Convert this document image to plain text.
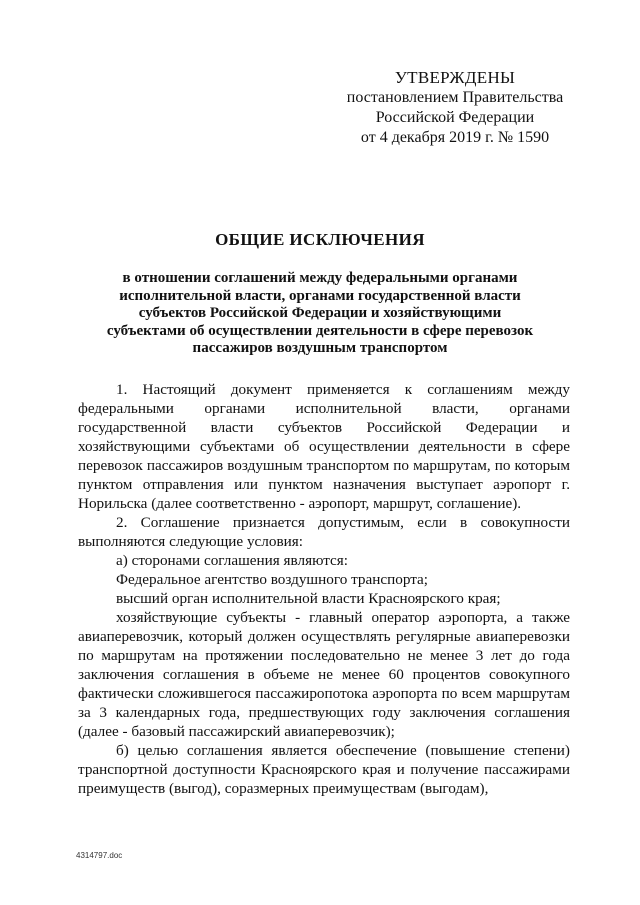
УТВЕРЖДЕНЫ
постановлением Правительства
Российской Федерации
от 4 декабря 2019 г. № 1590
ОБЩИЕ ИСКЛЮЧЕНИЯ
в отношении соглашений между федеральными органами
исполнительной власти, органами государственной власти
субъектов Российской Федерации и хозяйствующими
субъектами об осуществлении деятельности в сфере перевозок
пассажиров воздушным транспортом

1. Настоящий документ применяется к соглашениям между федеральными органами исполнительной власти, органами государственной власти субъектов Российской Федерации и хозяйствующими субъектами об осуществлении деятельности в сфере перевозок пассажиров воздушным транспортом по маршрутам, по которым пунктом отправления или пунктом назначения выступает аэропорт г. Норильска (далее соответственно - аэропорт, маршрут, соглашение).

2. Соглашение признается допустимым, если в совокупности выполняются следующие условия:

а) сторонами соглашения являются:

Федеральное агентство воздушного транспорта;

высший орган исполнительной власти Красноярского края;

хозяйствующие субъекты - главный оператор аэропорта, а также авиаперевозчик, который должен осуществлять регулярные авиаперевозки по маршрутам на протяжении последовательно не менее 3 лет до года заключения соглашения в объеме не менее 60 процентов совокупного фактически сложившегося пассажиропотока аэропорта по всем маршрутам за 3 календарных года, предшествующих году заключения соглашения (далее - базовый пассажирский авиаперевозчик);

б) целью соглашения является обеспечение (повышение степени) транспортной доступности Красноярского края и получение пассажирами преимуществ (выгод), соразмерных преимуществам (выгодам),

4314797.doc
